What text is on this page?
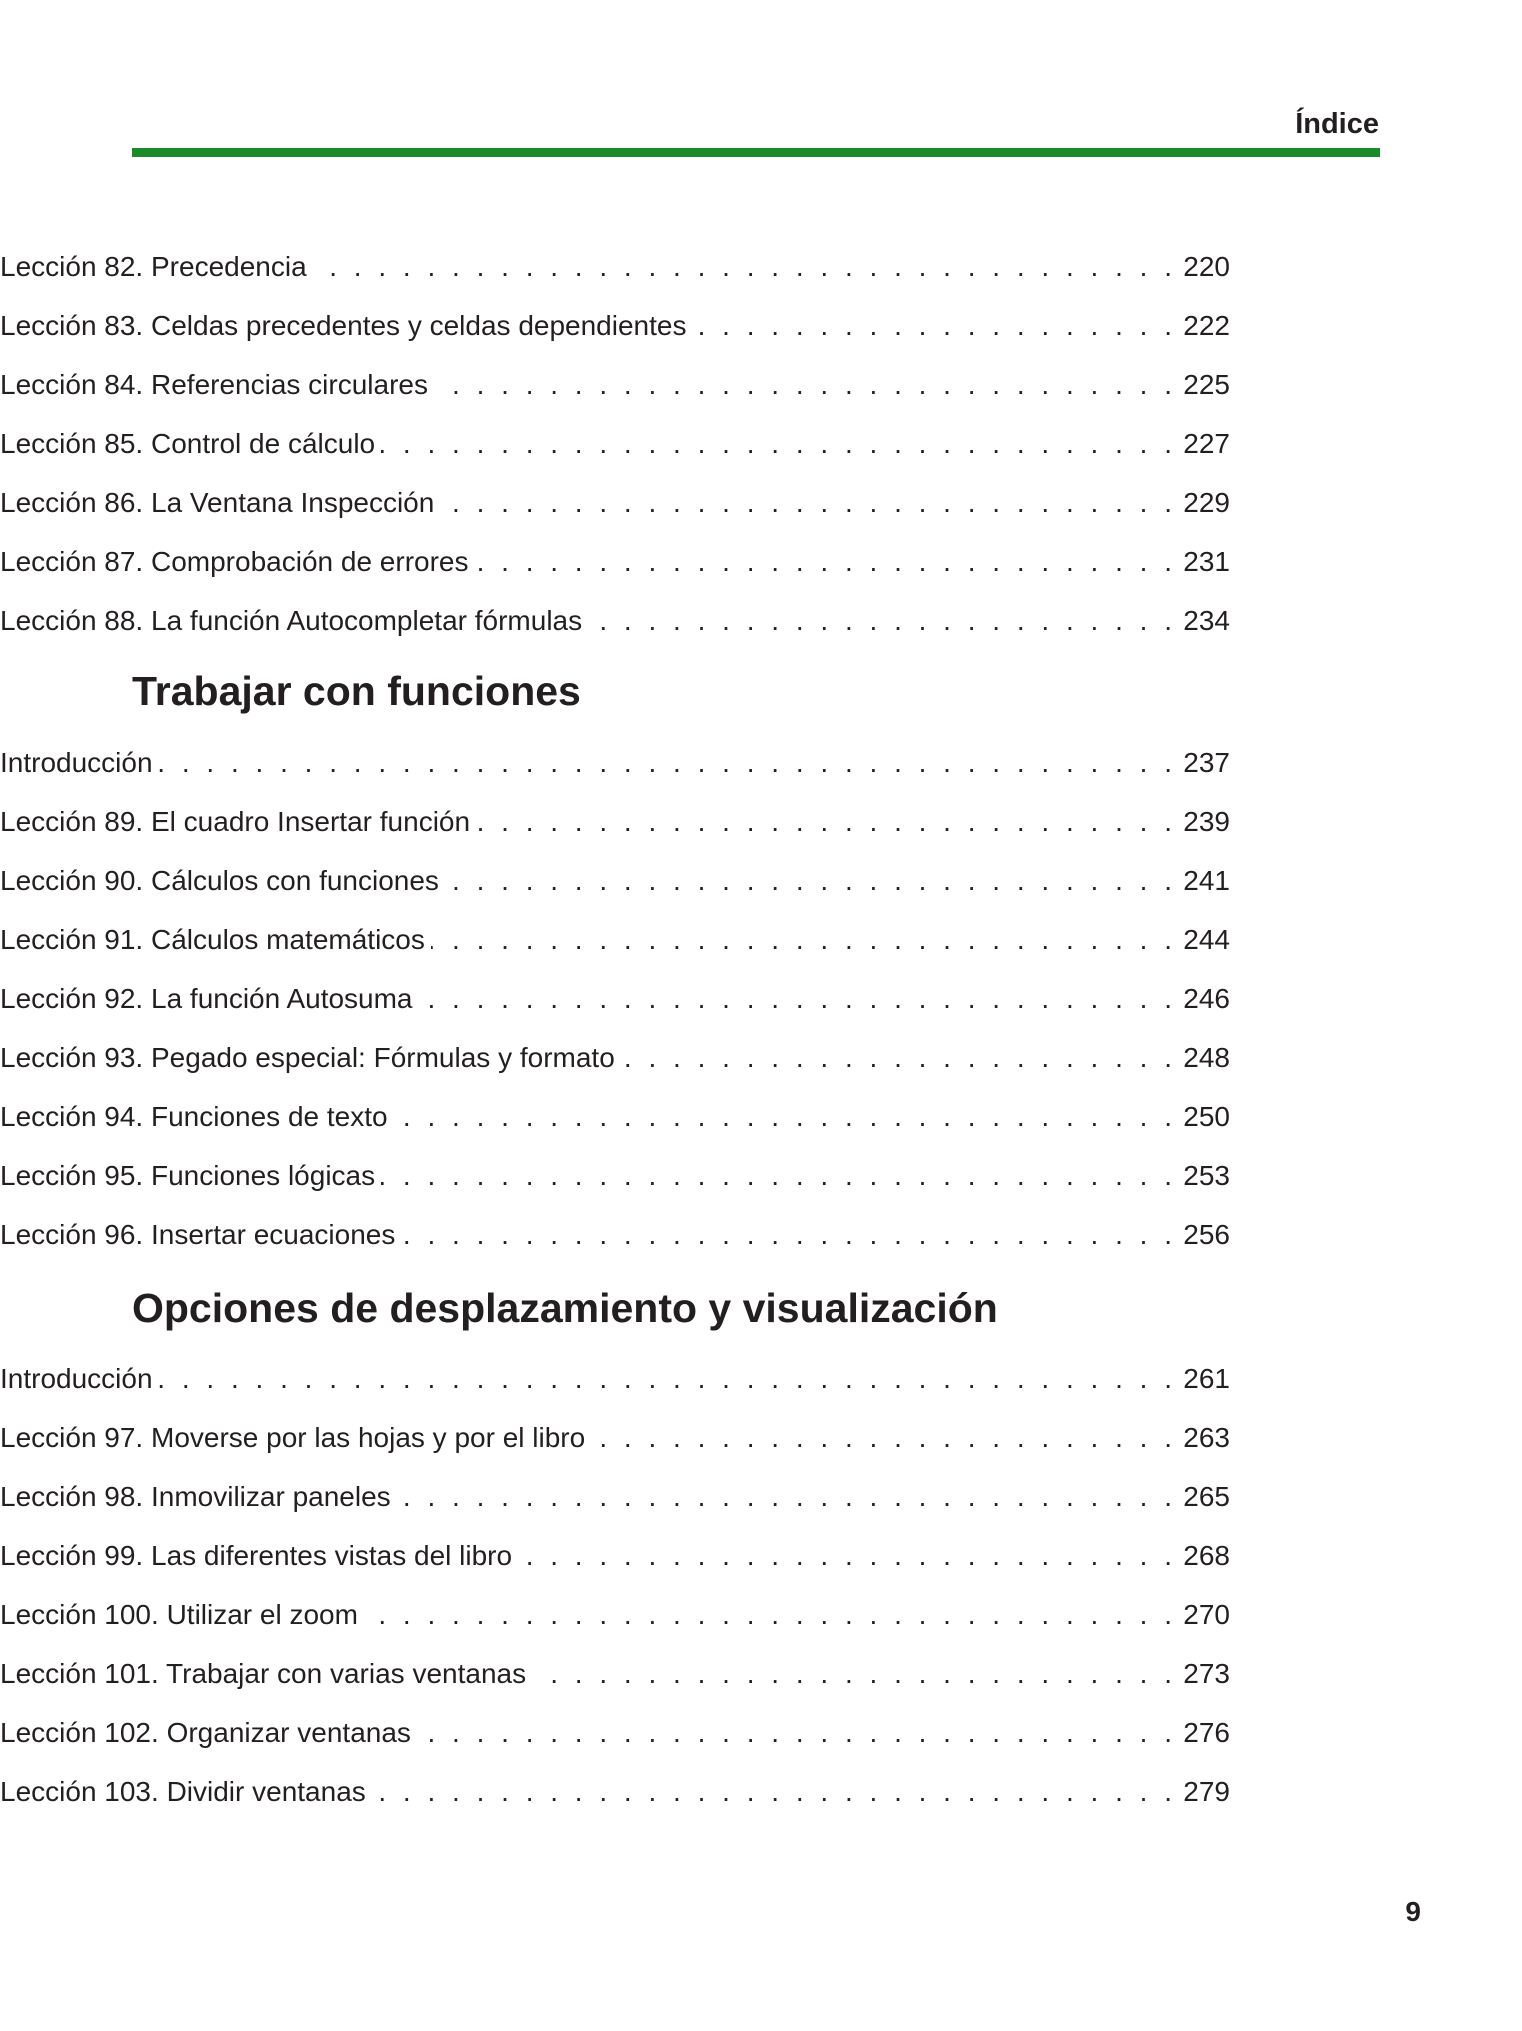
Índice
Lección 82. Precedencia . . .	220
Lección 83. Celdas precedentes y celdas dependientes . . .	222
Lección 84. Referencias circulares . . .	225
Lección 85. Control de cálculo . . .	227
Lección 86. La Ventana Inspección . . .	229
Lección 87. Comprobación de errores . . .	231
Lección 88. La función Autocompletar fórmulas . . .	234
Trabajar con funciones
Introducción . . .	237
Lección 89. El cuadro Insertar función . . .	239
Lección 90. Cálculos con funciones . . .	241
Lección 91. Cálculos matemáticos . . .	244
Lección 92. La función Autosuma . . .	246
Lección 93. Pegado especial: Fórmulas y formato . . .	248
Lección 94. Funciones de texto . . .	250
Lección 95. Funciones lógicas . . .	253
Lección 96. Insertar ecuaciones . . .	256
Opciones de desplazamiento y visualización
Introducción . . .	261
Lección 97. Moverse por las hojas y por el libro . . .	263
Lección 98. Inmovilizar paneles . . .	265
Lección 99. Las diferentes vistas del libro . . .	268
Lección 100. Utilizar el zoom . . .	270
Lección 101. Trabajar con varias ventanas . . .	273
Lección 102. Organizar ventanas . . .	276
Lección 103. Dividir ventanas . . .	279
9
